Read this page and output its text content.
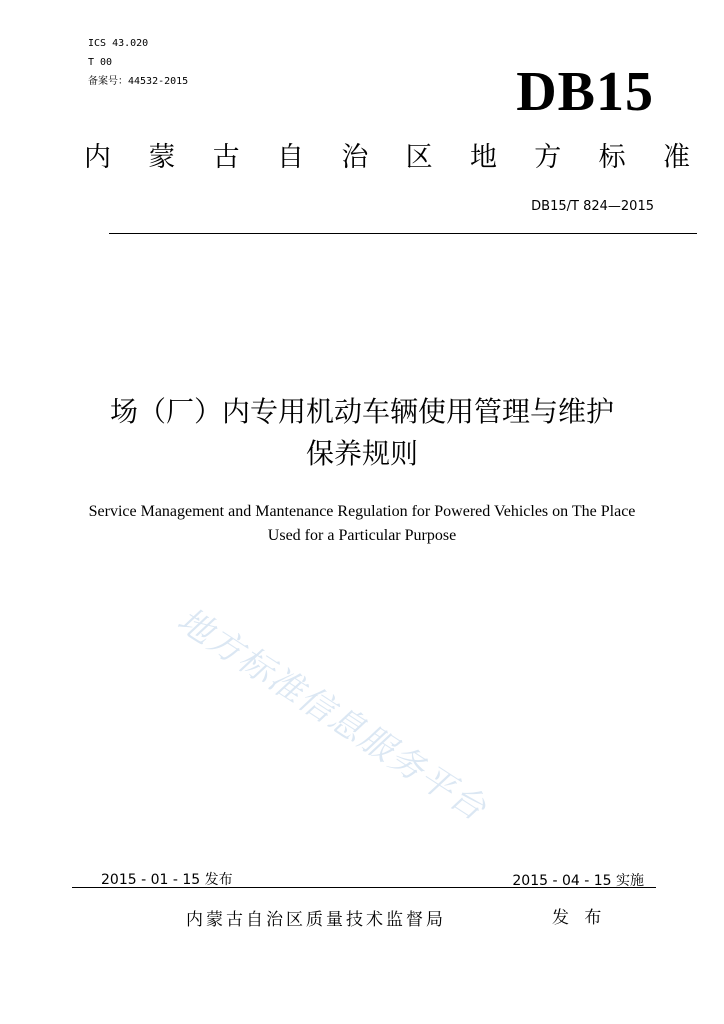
ICS 43.020
T 00
备案号：44532-2015	DB15
内 蒙 古 自 治 区 地 方 标 准
DB15/T 824—2015
场（厂）内专用机动车辆使用管理与维护
保养规则
Service Management and Mantenance Regulation for Powered Vehicles on The Place
Used for a Particular Purpose
地方标准信息服务平台
2015 - 01 - 15 发布	2015 - 04 - 15 实施
内蒙古自治区质量技术监督局	发 布
